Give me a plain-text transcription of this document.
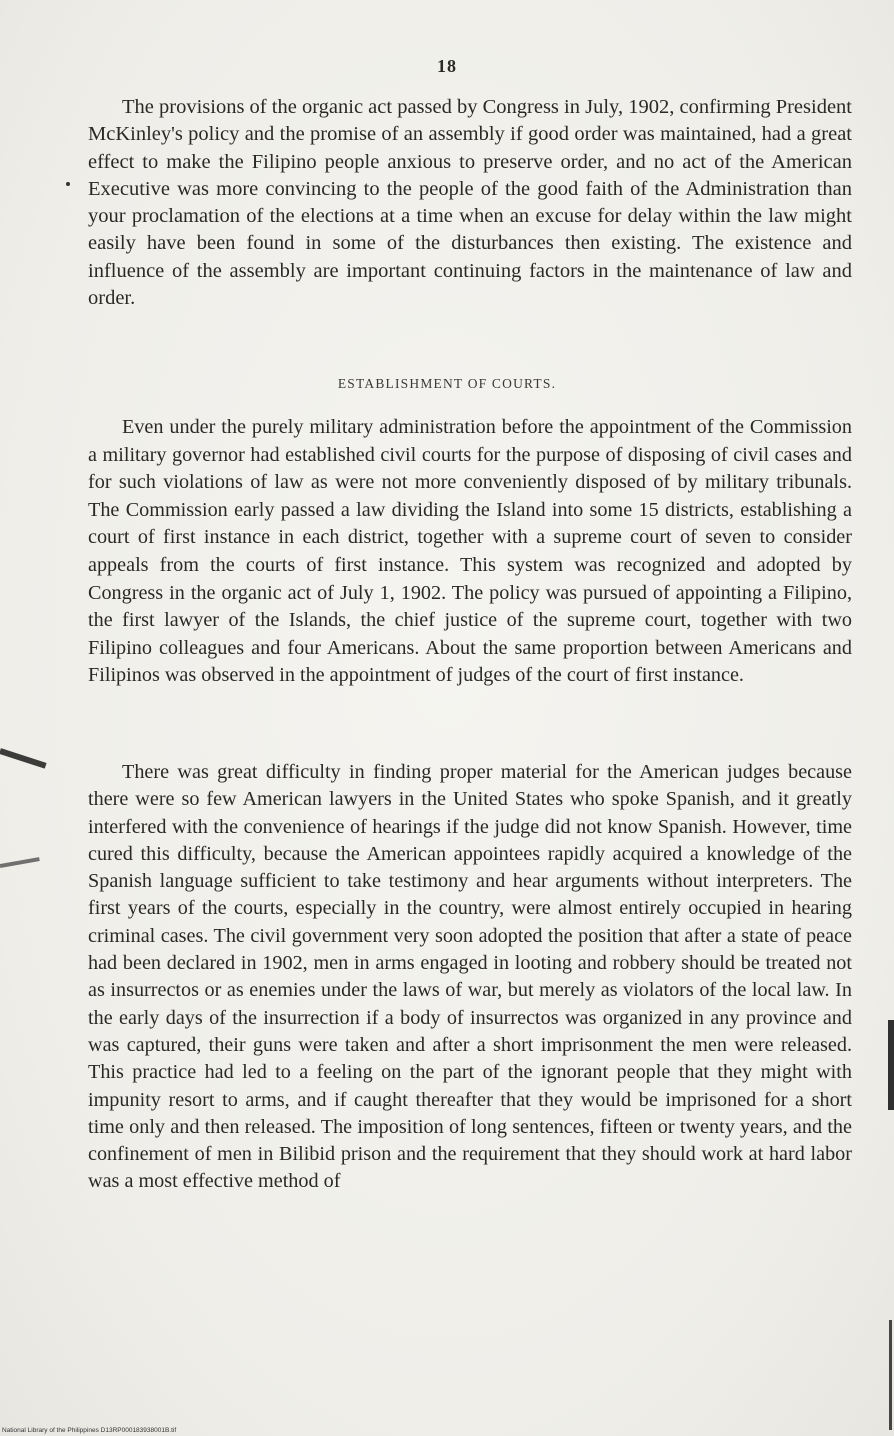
18

The provisions of the organic act passed by Congress in July, 1902, confirming President McKinley's policy and the promise of an assembly if good order was maintained, had a great effect to make the Filipino people anxious to preserve order, and no act of the American Executive was more convincing to the people of the good faith of the Administration than your proclamation of the elections at a time when an excuse for delay within the law might easily have been found in some of the disturbances then existing. The existence and influence of the assembly are important continuing factors in the maintenance of law and order.

ESTABLISHMENT OF COURTS.

Even under the purely military administration before the appointment of the Commission a military governor had established civil courts for the purpose of disposing of civil cases and for such violations of law as were not more conveniently disposed of by military tribunals. The Commission early passed a law dividing the Island into some 15 districts, establishing a court of first instance in each district, together with a supreme court of seven to consider appeals from the courts of first instance. This system was recognized and adopted by Congress in the organic act of July 1, 1902. The policy was pursued of appointing a Filipino, the first lawyer of the Islands, the chief justice of the supreme court, together with two Filipino colleagues and four Americans. About the same proportion between Americans and Filipinos was observed in the appointment of judges of the court of first instance.

There was great difficulty in finding proper material for the American judges because there were so few American lawyers in the United States who spoke Spanish, and it greatly interfered with the convenience of hearings if the judge did not know Spanish. However, time cured this difficulty, because the American appointees rapidly acquired a knowledge of the Spanish language sufficient to take testimony and hear arguments without interpreters. The first years of the courts, especially in the country, were almost entirely occupied in hearing criminal cases. The civil government very soon adopted the position that after a state of peace had been declared in 1902, men in arms engaged in looting and robbery should be treated not as insurrectos or as enemies under the laws of war, but merely as violators of the local law. In the early days of the insurrection if a body of insurrectos was organized in any province and was captured, their guns were taken and after a short imprisonment the men were released. This practice had led to a feeling on the part of the ignorant people that they might with impunity resort to arms, and if caught thereafter that they would be imprisoned for a short time only and then released. The imposition of long sentences, fifteen or twenty years, and the confinement of men in Bilibid prison and the requirement that they should work at hard labor was a most effective method of

National Library of the Philippines D13RP000183938001B.tif
